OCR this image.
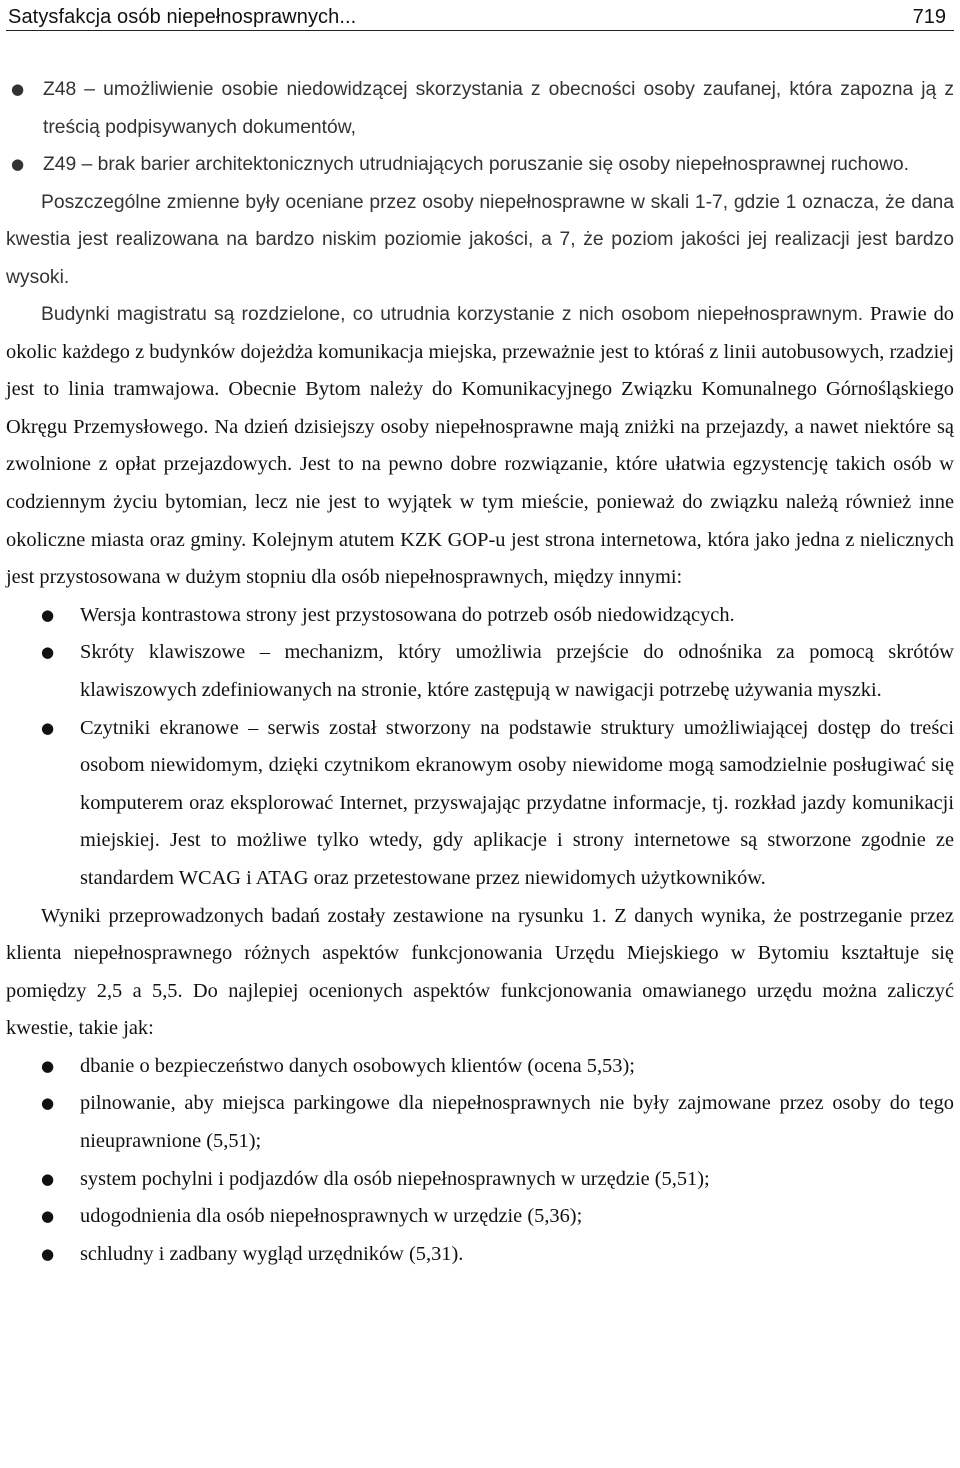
Satysfakcja osób niepełnosprawnych...	719
● Z48 – umożliwienie osobie niedowidzącej skorzystania z obecności osoby zaufanej, która zapozna ją z treścią podpisywanych dokumentów,
● Z49 – brak barier architektonicznych utrudniających poruszanie się osoby niepełnosprawnej ruchowo.

Poszczególne zmienne były oceniane przez osoby niepełnosprawne w skali 1-7, gdzie 1 oznacza, że dana kwestia jest realizowana na bardzo niskim poziomie jakości, a 7, że poziom jakości jej realizacji jest bardzo wysoki.

Budynki magistratu są rozdzielone, co utrudnia korzystanie z nich osobom niepełnosprawnym. Prawie do okolic każdego z budynków dojeżdża komunikacja miejska, przeważnie jest to któraś z linii autobusowych, rzadziej jest to linia tramwajowa. Obecnie Bytom należy do Komunikacyjnego Związku Komunalnego Górnośląskiego Okręgu Przemysłowego. Na dzień dzisiejszy osoby niepełnosprawne mają zniżki na przejazdy, a nawet niektóre są zwolnione z opłat przejazdowych. Jest to na pewno dobre rozwiązanie, które ułatwia egzystencję takich osób w codziennym życiu bytomian, lecz nie jest to wyjątek w tym mieście, ponieważ do związku należą również inne okoliczne miasta oraz gminy. Kolejnym atutem KZK GOP-u jest strona internetowa, która jako jedna z nielicznych jest przystosowana w dużym stopniu dla osób niepełnosprawnych, między innymi:

● Wersja kontrastowa strony jest przystosowana do potrzeb osób niedowidzących.
● Skróty klawiszowe – mechanizm, który umożliwia przejście do odnośnika za pomocą skrótów klawiszowych zdefiniowanych na stronie, które zastępują w nawigacji potrzebę używania myszki.
● Czytniki ekranowe – serwis został stworzony na podstawie struktury umożliwiającej dostęp do treści osobom niewidomym, dzięki czytnikom ekranowym osoby niewidome mogą samodzielnie posługiwać się komputerem oraz eksplorować Internet, przyswajając przydatne informacje, tj. rozkład jazdy komunikacji miejskiej. Jest to możliwe tylko wtedy, gdy aplikacje i strony internetowe są stworzone zgodnie ze standardem WCAG i ATAG oraz przetestowane przez niewidomych użytkowników.

Wyniki przeprowadzonych badań zostały zestawione na rysunku 1. Z danych wynika, że postrzeganie przez klienta niepełnosprawnego różnych aspektów funkcjonowania Urzędu Miejskiego w Bytomiu kształtuje się pomiędzy 2,5 a 5,5. Do najlepiej ocenionych aspektów funkcjonowania omawianego urzędu można zaliczyć kwestie, takie jak:

● dbanie o bezpieczeństwo danych osobowych klientów (ocena 5,53);
● pilnowanie, aby miejsca parkingowe dla niepełnosprawnych nie były zajmowane przez osoby do tego nieuprawnione (5,51);
● system pochylni i podjazdów dla osób niepełnosprawnych w urzędzie (5,51);
● udogodnienia dla osób niepełnosprawnych w urzędzie (5,36);
● schludny i zadbany wygląd urzędników (5,31).
